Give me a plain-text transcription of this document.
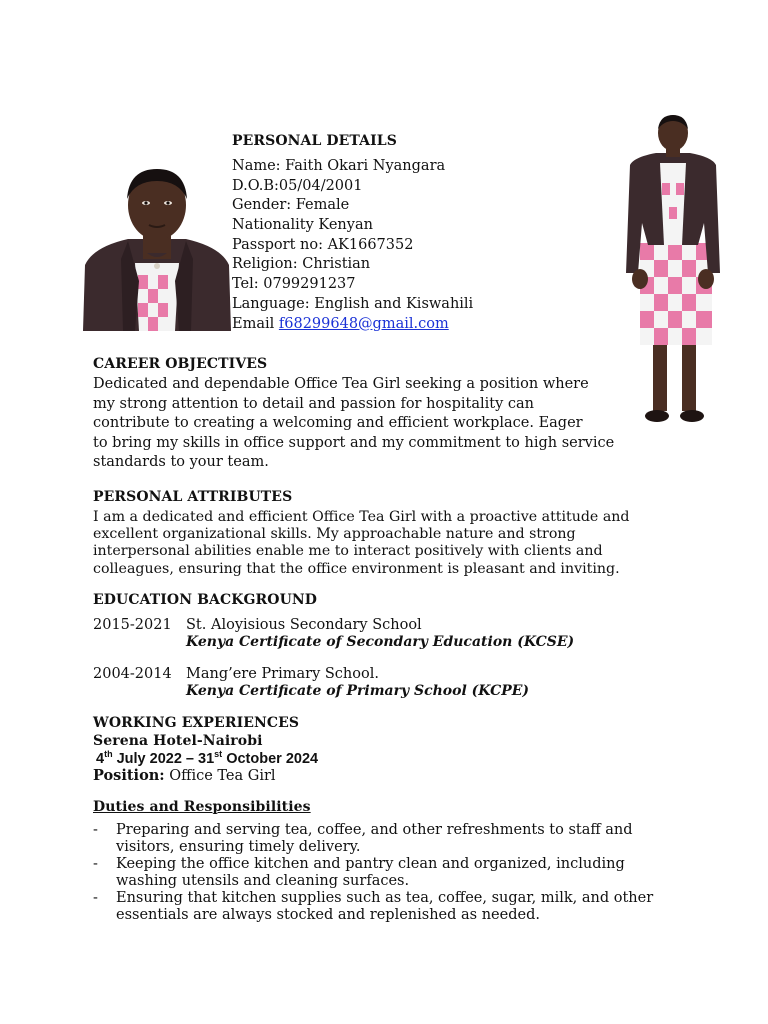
PERSONAL DETAILS
Name: Faith Okari Nyangara
D.O.B:05/04/2001
Gender: Female
Nationality Kenyan
Passport no: AK1667352
Religion: Christian
Tel: 0799291237
Language: English and Kiswahili
Email f68299648@gmail.com
CAREER OBJECTIVES
Dedicated and dependable Office Tea Girl seeking a position where
my strong attention to detail and passion for hospitality can
contribute to creating a welcoming and efficient workplace. Eager
to bring my skills in office support and my commitment to high service
standards to your team.
PERSONAL ATTRIBUTES
I am a dedicated and efficient Office Tea Girl with a proactive attitude and
excellent organizational skills. My approachable nature and strong
interpersonal abilities enable me to interact positively with clients and
colleagues, ensuring that the office environment is pleasant and inviting.
EDUCATION BACKGROUND
2015-2021 St. Aloyisious Secondary School
Kenya Certificate of Secondary Education (KCSE)
2004-2014 Mang’ere Primary School.
Kenya Certificate of Primary School (KCPE)
WORKING EXPERIENCES
Serena Hotel-Nairobi
4th July 2022 – 31st October 2024
Position: Office Tea Girl
Duties and Responsibilities
- Preparing and serving tea, coffee, and other refreshments to staff and
visitors, ensuring timely delivery.
- Keeping the office kitchen and pantry clean and organized, including
washing utensils and cleaning surfaces.
- Ensuring that kitchen supplies such as tea, coffee, sugar, milk, and other
essentials are always stocked and replenished as needed.
